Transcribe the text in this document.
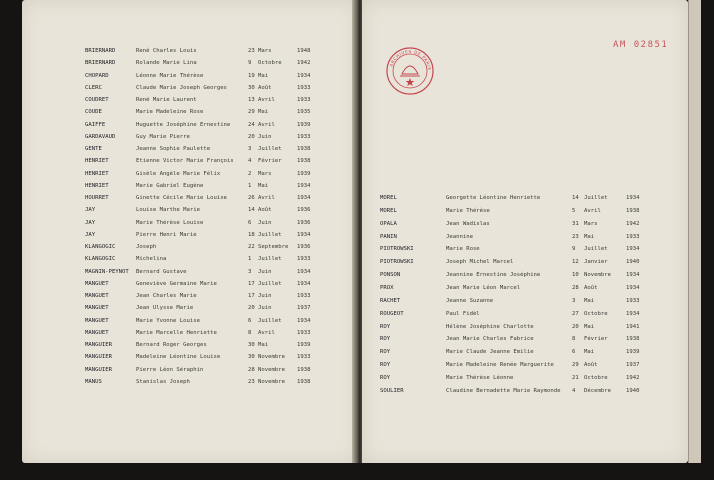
BRIERNARD	René Charles Louis	23 Mars	1948
BRIERNARD	Rolande Marie Lina	9 Octobre	1942
CHOPARD	Léonne Marie Thérèse	19 Mai	1934
CLERC	Claude Marie Joseph Georges	30 Août	1933
COUDRET	René Marie Laurent	13 Avril	1933
COUDE	Marie Madeleine Rose	29 Mai	1935
GAIFFE	Huguette Joséphine Ernestine	24 Avril	1939
GARDAVAUD	Guy Marie Pierre	20 Juin	1933
GENTE	Jeanne Sophie Paulette	3 Juillet	1938
HENRIET	Etienne Victor Marie François	4 Février	1938
HENRIET	Gisèle Angèle Marie Félix	2 Mars	1939
HENRIET	Marie Gabriel Eugène	1 Mai	1934
HOURRET	Ginette Cécile Marie Louise	26 Avril	1934
JAY	Louise Marthe Marie	14 Août	1936
JAY	Marie Thérèse Louise	6 Juin	1936
JAY	Pierre Henri Marie	18 Juillet	1934
KLANGOGIC	Joseph	22 Septembre 1936
KLANGOGIC	Michelina	1 Juillet	1933
MAGNIN-PEYNOT Bernard Gustave	3 Juin	1934
MANGUET	Geneviève Germaine Marie	17 Juillet	1934
MANGUET	Jean Charles Marie	17 Juin	1933
MANGUET	Jean Ulysse Marie	20 Juin	1937
MANGUET	Marie Yvonne Louise	6 Juillet	1934
MANGUET	Marie Marcelle Henriette	8 Avril	1933
MANGUIER	Bernard Roger Georges	30 Mai	1939
MANGUIER	Madeleine Léontine Louise	30 Novembre 1933
MANGUIER	Pierre Léon Séraphin	28 Novembre 1938
MANUS	Stanislas Joseph	23 Novembre 1938
MOREL	Georgette Léontine Henriette	14 Juillet	1934
MOREL	Marie Thérèse	5 Avril	1938
OPALA	Jean Wadislas	31 Mars	1942
PANIN	Jeannine	23 Mai	1933
PIOTROWSKI	Marie Rose	9 Juillet	1934
PIOTROWSKI	Joseph Michel Marcel	12 Janvier	1940
PONSON	Jeannine Ernestine Joséphine	10 Novembre	1934
PROX	Jean Marie Léon Marcel	28 Août	1934
RACHET	Jeanne Suzanne	3 Mai	1933
ROUGEOT	Paul Fidèl	27 Octobre	1934
ROY	Hélène Joséphine Charlotte	20 Mai	1941
ROY	Jean Marie Charles Fabrice	8 Février	1938
ROY	Marie Claude Jeanne Emilie	6 Mai	1939
ROY	Marie Madeleine Renée Marguerite	29 Août	1937
ROY	Marie Thérèse Léonne	21 Octobre	1942
SOULIER	Claudine Bernadette Marie Raymonde 4 Décembre	1940
ARCHIVES DE PARIS
AM 02851
